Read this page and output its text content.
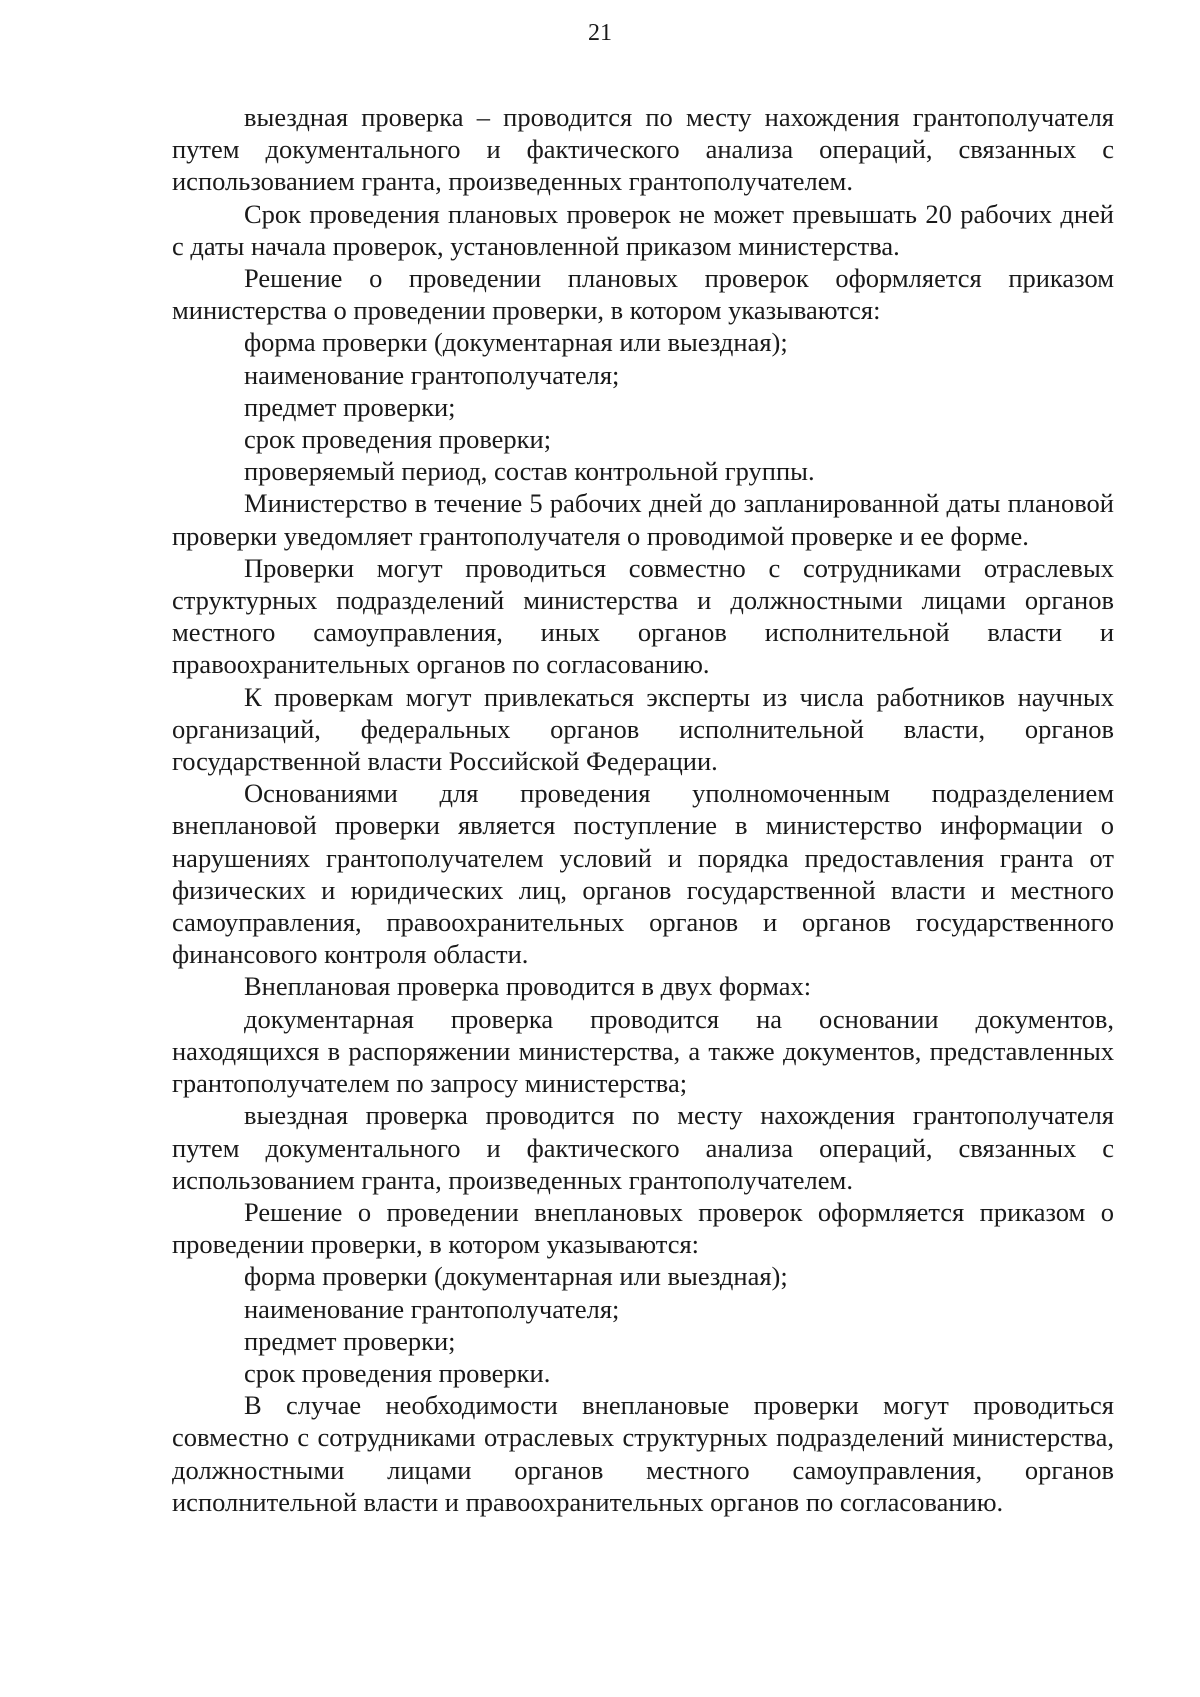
21

выездная проверка – проводится по месту нахождения грантополучателя путем документального и фактического анализа операций, связанных с использованием гранта, произведенных грантополучателем.

Срок проведения плановых проверок не может превышать 20 рабочих дней с даты начала проверок, установленной приказом министерства.

Решение о проведении плановых проверок оформляется приказом министерства о проведении проверки, в котором указываются:

форма проверки (документарная или выездная);

наименование грантополучателя;

предмет проверки;

срок проведения проверки;

проверяемый период, состав контрольной группы.

Министерство в течение 5 рабочих дней до запланированной даты плановой проверки уведомляет грантополучателя о проводимой проверке и ее форме.

Проверки могут проводиться совместно с сотрудниками отраслевых структурных подразделений министерства и должностными лицами органов местного самоуправления, иных органов исполнительной власти и правоохранительных органов по согласованию.

К проверкам могут привлекаться эксперты из числа работников научных организаций, федеральных органов исполнительной власти, органов государственной власти Российской Федерации.

Основаниями для проведения уполномоченным подразделением внеплановой проверки является поступление в министерство информации о нарушениях грантополучателем условий и порядка предоставления гранта от физических и юридических лиц, органов государственной власти и местного самоуправления, правоохранительных органов и органов государственного финансового контроля области.

Внеплановая проверка проводится в двух формах:

документарная проверка проводится на основании документов, находящихся в распоряжении министерства, а также документов, представленных грантополучателем по запросу министерства;

выездная проверка проводится по месту нахождения грантополучателя путем документального и фактического анализа операций, связанных с использованием гранта, произведенных грантополучателем.

Решение о проведении внеплановых проверок оформляется приказом о проведении проверки, в котором указываются:

форма проверки (документарная или выездная);

наименование грантополучателя;

предмет проверки;

срок проведения проверки.

В случае необходимости внеплановые проверки могут проводиться совместно с сотрудниками отраслевых структурных подразделений министерства, должностными лицами органов местного самоуправления, органов исполнительной власти и правоохранительных органов по согласованию.
